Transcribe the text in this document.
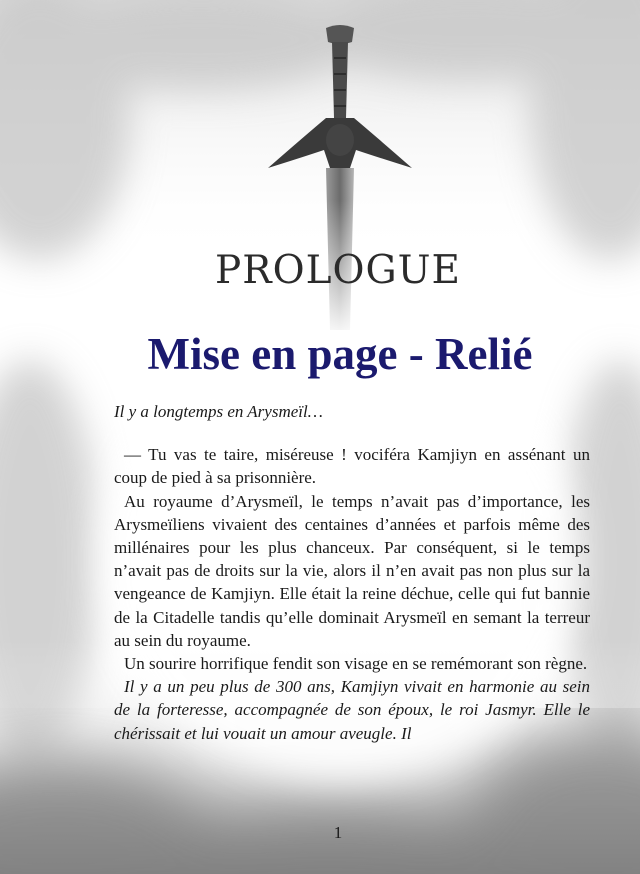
PROLOGUE
Mise en page - Relié

Il y a longtemps en Arysmeïl…

— Tu vas te taire, miséreuse ! vociféra Kamjiyn en assénant un coup de pied à sa prisonnière.

Au royaume d’Arysmeïl, le temps n’avait pas d’importance, les Arysmeïliens vivaient des centaines d’années et parfois même des millénaires pour les plus chanceux. Par conséquent, si le temps n’avait pas de droits sur la vie, alors il n’en avait pas non plus sur la vengeance de Kamjiyn. Elle était la reine déchue, celle qui fut bannie de la Citadelle tandis qu’elle dominait Arysmeïl en semant la terreur au sein du royaume.

Un sourire horrifique fendit son visage en se remémorant son règne.

Il y a un peu plus de 300 ans, Kamjiyn vivait en harmonie au sein de la forteresse, accompagnée de son époux, le roi Jasmyr. Elle le chérissait et lui vouait un amour aveugle. Il

1
